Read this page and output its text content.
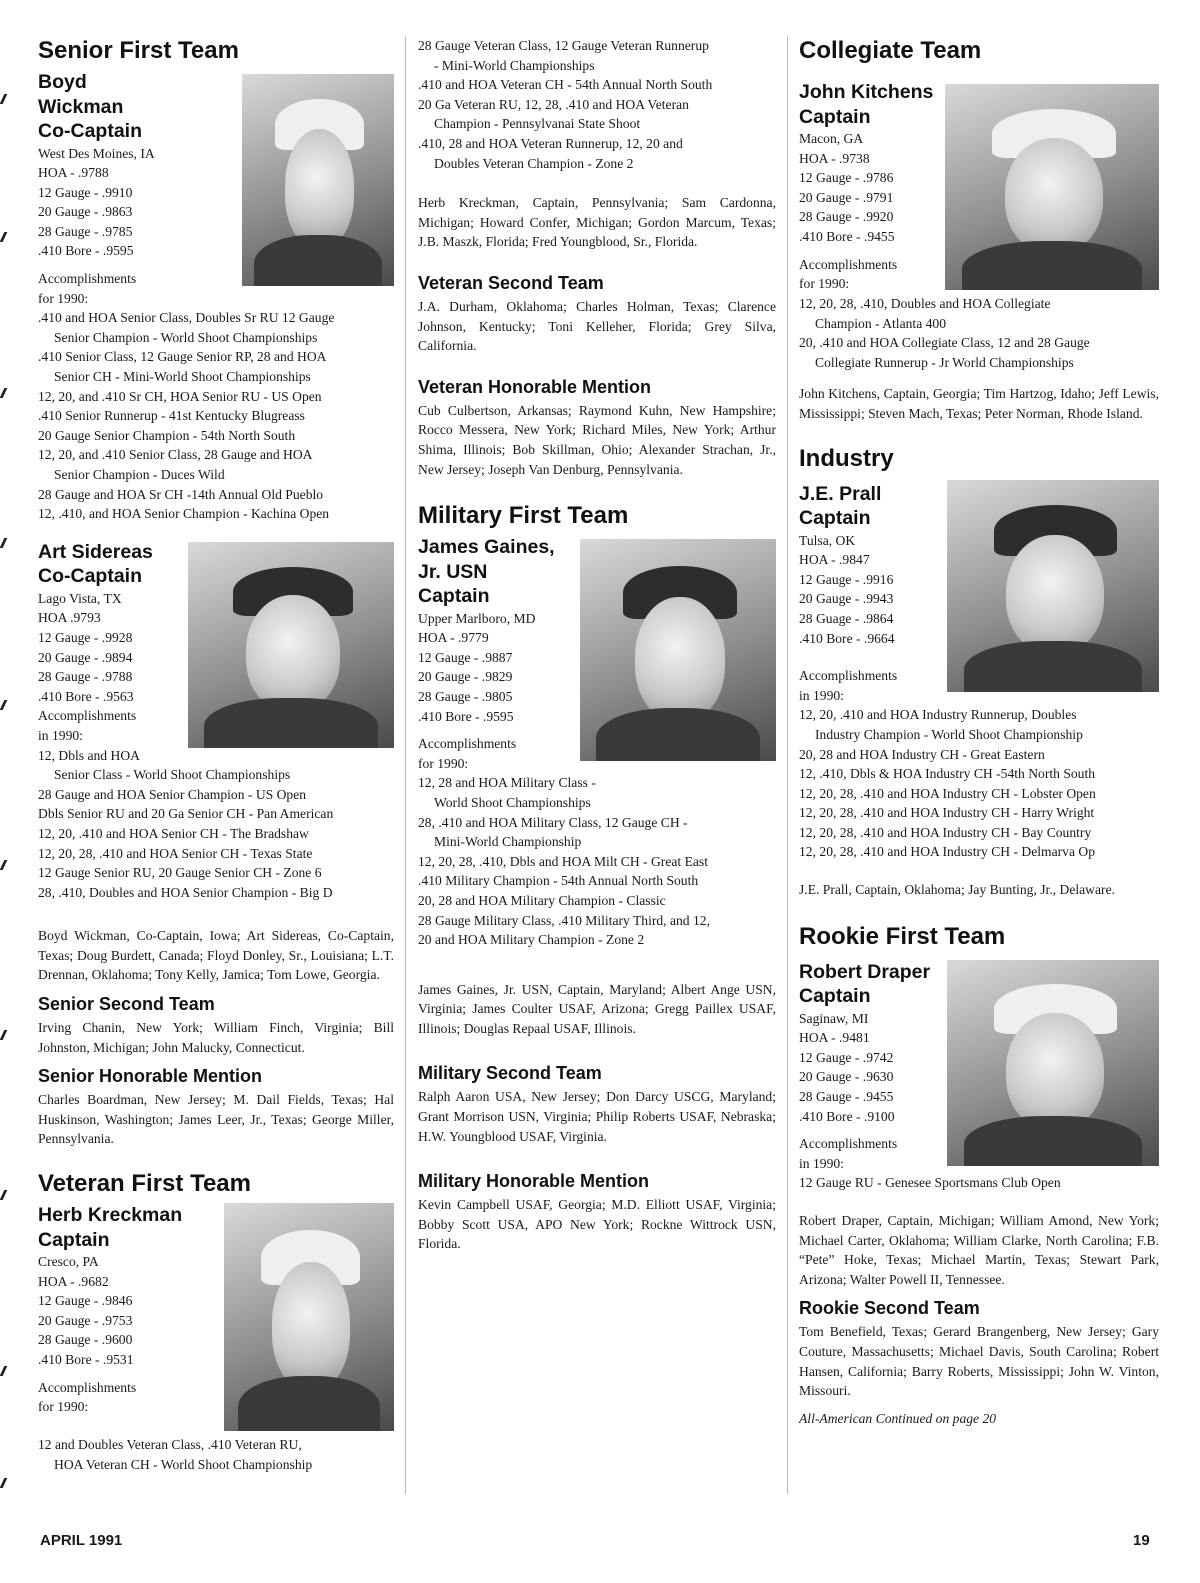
Senior First Team
Boyd
Wickman
Co-Captain
West Des Moines, IA
HOA - .9788
12 Gauge - .9910
20 Gauge - .9863
28 Gauge - .9785
.410 Bore - .9595
Accomplishments
for 1990:
.410 and HOA Senior Class, Doubles Sr RU 12 Gauge
Senior Champion - World Shoot Championships
.410 Senior Class, 12 Gauge Senior RP, 28 and HOA
Senior CH - Mini-World Shoot Championships
12, 20, and .410 Sr CH, HOA Senior RU - US Open
.410 Senior Runnerup - 41st Kentucky Blugreass
20 Gauge Senior Champion - 54th North South
12, 20, and .410 Senior Class, 28 Gauge and HOA
Senior Champion - Duces Wild
28 Gauge and HOA Sr CH -14th Annual Old Pueblo
12, .410, and HOA Senior Champion - Kachina Open
Art Sidereas
Co-Captain
Lago Vista, TX
HOA .9793
12 Gauge - .9928
20 Gauge - .9894
28 Gauge - .9788
.410 Bore - .9563
Accomplishments
in 1990:
12, Dbls and HOA
Senior Class - World Shoot Championships
28 Gauge and HOA Senior Champion - US Open
Dbls Senior RU and 20 Ga Senior CH - Pan American
12, 20, .410 and HOA Senior CH - The Bradshaw
12, 20, 28, .410 and HOA Senior CH - Texas State
12 Gauge Senior RU, 20 Gauge Senior CH - Zone 6
28, .410, Doubles and HOA Senior Champion - Big D

Boyd Wickman, Co-Captain, Iowa; Art Sidereas, Co-Captain, Texas; Doug Burdett, Canada; Floyd Donley, Sr., Louisiana; L.T. Drennan, Oklahoma; Tony Kelly, Jamica; Tom Lowe, Georgia.

Senior Second Team

Irving Chanin, New York; William Finch, Virginia; Bill Johnston, Michigan; John Malucky, Connecticut.

Senior Honorable Mention

Charles Boardman, New Jersey; M. Dail Fields, Texas; Hal Huskinson, Washington; James Leer, Jr., Texas; George Miller, Pennsylvania.

Veteran First Team
Herb Kreckman
Captain
Cresco, PA
HOA - .9682
12 Gauge - .9846
20 Gauge - .9753
28 Gauge - .9600
.410 Bore - .9531
Accomplishments
for 1990:
12 and Doubles Veteran Class, .410 Veteran RU,
HOA Veteran CH - World Shoot Championship
28 Gauge Veteran Class, 12 Gauge Veteran Runnerup
- Mini-World Championships
.410 and HOA Veteran CH - 54th Annual North South
20 Ga Veteran RU, 12, 28, .410 and HOA Veteran
Champion - Pennsylvanai State Shoot
.410, 28 and HOA Veteran Runnerup, 12, 20 and
Doubles Veteran Champion - Zone 2

Herb Kreckman, Captain, Pennsylvania; Sam Cardonna, Michigan; Howard Confer, Michigan; Gordon Marcum, Texas; J.B. Maszk, Florida; Fred Youngblood, Sr., Florida.

Veteran Second Team

J.A. Durham, Oklahoma; Charles Holman, Texas; Clarence Johnson, Kentucky; Toni Kelleher, Florida; Grey Silva, California.

Veteran Honorable Mention

Cub Culbertson, Arkansas; Raymond Kuhn, New Hampshire; Rocco Messera, New York; Richard Miles, New York; Arthur Shima, Illinois; Bob Skillman, Ohio; Alexander Strachan, Jr., New Jersey; Joseph Van Denburg, Pennsylvania.

Military First Team
James Gaines,
Jr. USN
Captain
Upper Marlboro, MD
HOA - .9779
12 Gauge - .9887
20 Gauge - .9829
28 Gauge - .9805
.410 Bore - .9595
Accomplishments
for 1990:
12, 28 and HOA Military Class -
World Shoot Championships
28, .410 and HOA Military Class, 12 Gauge CH -
Mini-World Championship
12, 20, 28, .410, Dbls and HOA Milt CH - Great East
.410 Military Champion - 54th Annual North South
20, 28 and HOA Military Champion - Classic
28 Gauge Military Class, .410 Military Third, and 12,
20 and HOA Military Champion - Zone 2

James Gaines, Jr. USN, Captain, Maryland; Albert Ange USN, Virginia; James Coulter USAF, Arizona; Gregg Paillex USAF, Illinois; Douglas Repaal USAF, Illinois.

Military Second Team

Ralph Aaron USA, New Jersey; Don Darcy USCG, Maryland; Grant Morrison USN, Virginia; Philip Roberts USAF, Nebraska; H.W. Youngblood USAF, Virginia.

Military Honorable Mention

Kevin Campbell USAF, Georgia; M.D. Elliott USAF, Virginia; Bobby Scott USA, APO New York; Rockne Wittrock USN, Florida.

Collegiate Team
John Kitchens
Captain
Macon, GA
HOA - .9738
12 Gauge - .9786
20 Gauge - .9791
28 Gauge - .9920
.410 Bore - .9455
Accomplishments
for 1990:
12, 20, 28, .410, Doubles and HOA Collegiate
Champion - Atlanta 400
20, .410 and HOA Collegiate Class, 12 and 28 Gauge
Collegiate Runnerup - Jr World Championships

John Kitchens, Captain, Georgia; Tim Hartzog, Idaho; Jeff Lewis, Mississippi; Steven Mach, Texas; Peter Norman, Rhode Island.

Industry
J.E. Prall
Captain
Tulsa, OK
HOA - .9847
12 Gauge - .9916
20 Gauge - .9943
28 Guage - .9864
.410 Bore - .9664
Accomplishments
in 1990:
12, 20, .410 and HOA Industry Runnerup, Doubles
Industry Champion - World Shoot Championship
20, 28 and HOA Industry CH - Great Eastern
12, .410, Dbls & HOA Industry CH -54th North South
12, 20, 28, .410 and HOA Industry CH - Lobster Open
12, 20, 28, .410 and HOA Industry CH - Harry Wright
12, 20, 28, .410 and HOA Industry CH - Bay Country
12, 20, 28, .410 and HOA Industry CH - Delmarva Op

J.E. Prall, Captain, Oklahoma; Jay Bunting, Jr., Delaware.

Rookie First Team
Robert Draper
Captain
Saginaw, MI
HOA - .9481
12 Gauge - .9742
20 Gauge - .9630
28 Gauge - .9455
.410 Bore - .9100
Accomplishments
in 1990:
12 Gauge RU - Genesee Sportsmans Club Open

Robert Draper, Captain, Michigan; William Amond, New York; Michael Carter, Oklahoma; William Clarke, North Carolina; F.B. “Pete” Hoke, Texas; Michael Martin, Texas; Stewart Park, Arizona; Walter Powell II, Tennessee.

Rookie Second Team

Tom Benefield, Texas; Gerard Brangenberg, New Jersey; Gary Couture, Massachusetts; Michael Davis, South Carolina; Robert Hansen, California; Barry Roberts, Mississippi; John W. Vinton, Missouri.

All-American Continued on page 20
APRIL 1991	19
